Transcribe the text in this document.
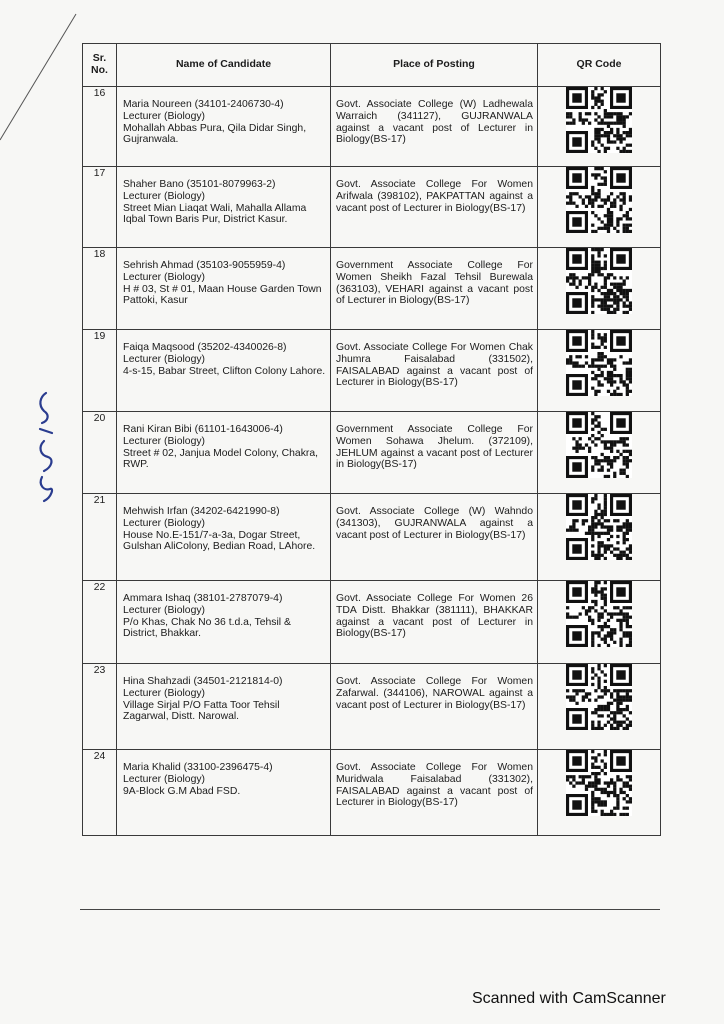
Sr.
No.	Name of Candidate	Place of Posting	QR Code
16	Maria Noureen (34101-2406730-4)
Lecturer (Biology)
Mohallah Abbas Pura, Qila Didar Singh, Gujranwala.	Govt. Associate College (W) Ladhewala Warraich (341127), GUJRANWALA against a vacant post of Lecturer in Biology(BS-17)	

17	Shaher Bano (35101-8079963-2)
Lecturer (Biology)
Street Mian Liaqat Wali, Mahalla Allama Iqbal Town Baris Pur, District Kasur.	Govt. Associate College For Women Arifwala (398102), PAKPATTAN against a vacant post of Lecturer in Biology(BS-17)	

18	Sehrish Ahmad (35103-9055959-4)
Lecturer (Biology)
H # 03, St # 01, Maan House Garden Town Pattoki, Kasur	Government Associate College For Women Sheikh Fazal Tehsil Burewala (363103), VEHARI against a vacant post of Lecturer in Biology(BS-17)	

19	Faiqa Maqsood (35202-4340026-8)
Lecturer (Biology)
4-s-15, Babar Street, Clifton Colony Lahore.	Govt. Associate College For Women Chak Jhumra Faisalabad (331502), FAISALABAD against a vacant post of Lecturer in Biology(BS-17)	

20	Rani Kiran Bibi (61101-1643006-4)
Lecturer (Biology)
Street # 02, Janjua Model Colony, Chakra, RWP.	Government Associate College For Women Sohawa Jhelum. (372109), JEHLUM against a vacant post of Lecturer in Biology(BS-17)	

21	Mehwish Irfan (34202-6421990-8)
Lecturer (Biology)
House No.E-151/7-a-3a, Dogar Street, Gulshan AliColony, Bedian Road, LAhore.	Govt. Associate College (W) Wahndo (341303), GUJRANWALA against a vacant post of Lecturer in Biology(BS-17)	

22	Ammara Ishaq (38101-2787079-4)
Lecturer (Biology)
P/o Khas, Chak No 36 t.d.a, Tehsil & District, Bhakkar.	Govt. Associate College For Women 26 TDA Distt. Bhakkar (381111), BHAKKAR against a vacant post of Lecturer in Biology(BS-17)	

23	Hina Shahzadi (34501-2121814-0)
Lecturer (Biology)
Village Sirjal P/O Fatta Toor Tehsil Zagarwal, Distt. Narowal.	Govt. Associate College For Women Zafarwal. (344106), NAROWAL against a vacant post of Lecturer in Biology(BS-17)	

24	Maria Khalid (33100-2396475-4)
Lecturer (Biology)
9A-Block G.M Abad FSD.	Govt. Associate College For Women Muridwala Faisalabad (331302), FAISALABAD against a vacant post of Lecturer in Biology(BS-17)	
Scanned with CamScanner
